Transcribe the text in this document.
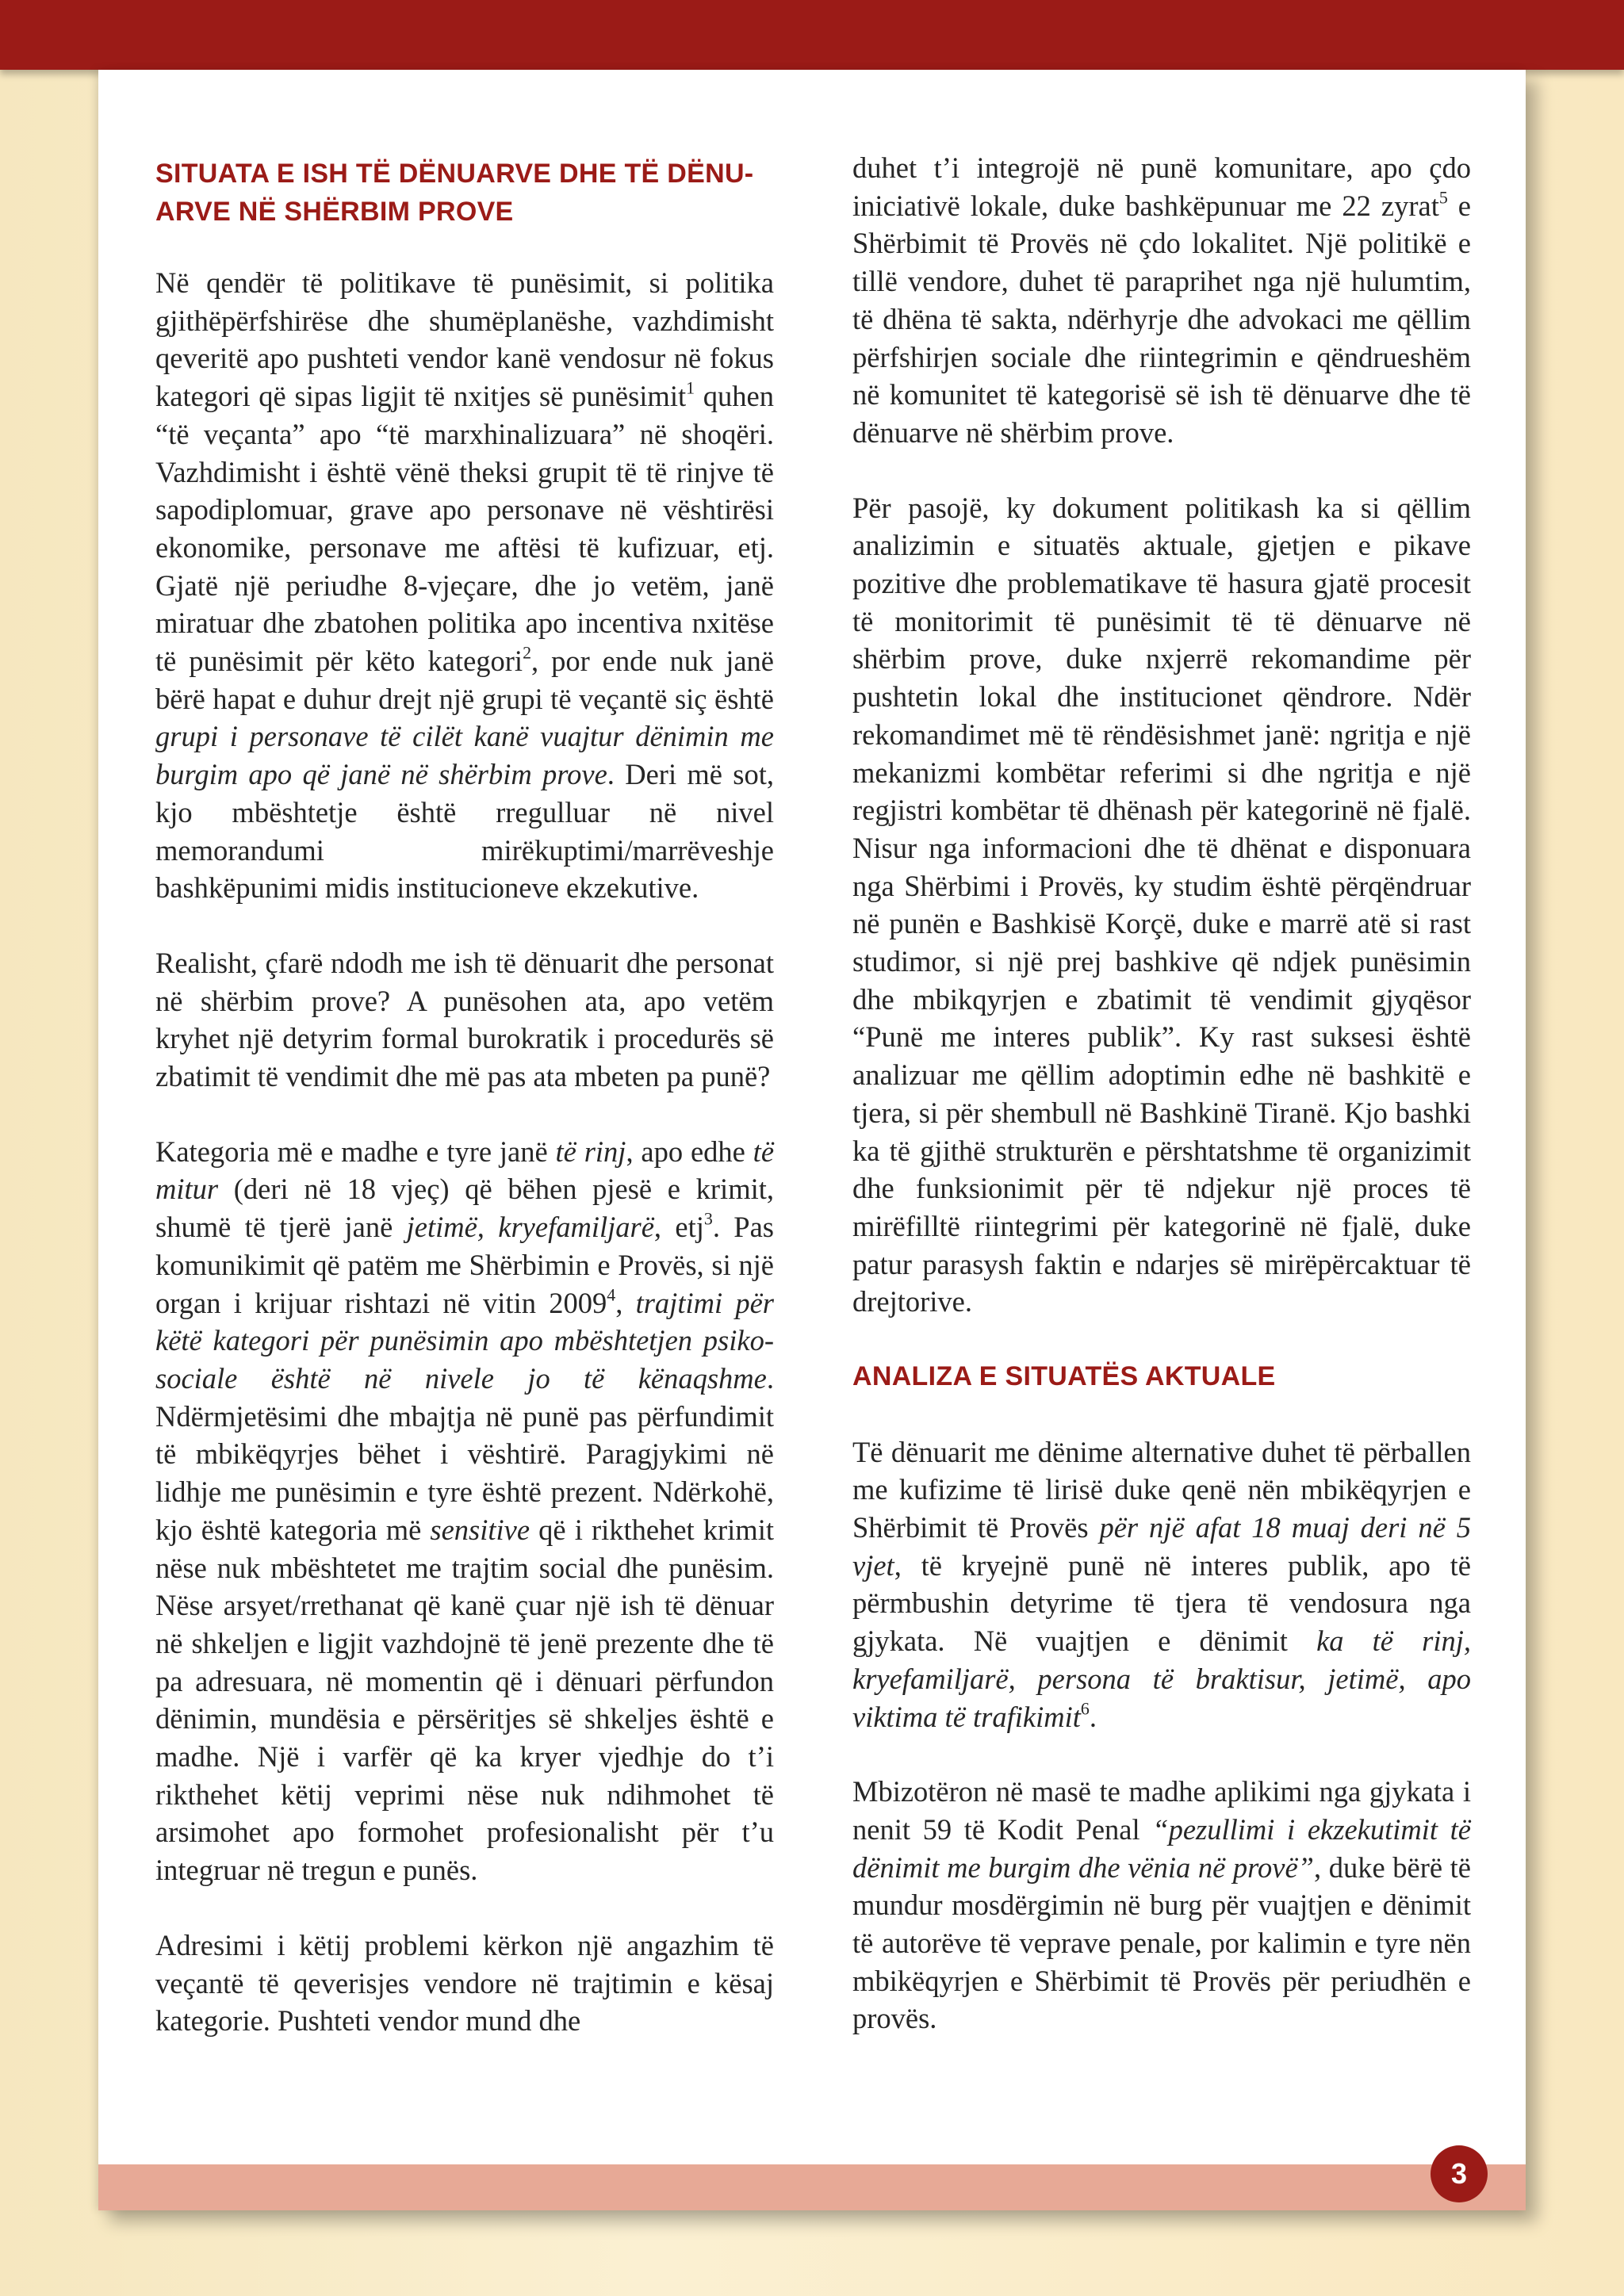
SITUATA E ISH TË DËNUARVE DHE TË DËNU-ARVE NË SHËRBIM PROVE

Në qendër të politikave të punësimit, si politika gjithëpërfshirëse dhe shumëplanëshe, vazhdimisht qeveritë apo pushteti vendor kanë vendosur në fokus kategori që sipas ligjit të nxitjes së punësimit$^1$ quhen “të veçanta” apo “të marxhinalizuara” në shoqëri. Vazhdimisht i është vënë theksi grupit të të rinjve të sapodiplomuar, grave apo personave në vështirësi ekonomike, personave me aftësi të kufizuar, etj. Gjatë një periudhe 8-vjeçare, dhe jo vetëm, janë miratuar dhe zbatohen politika apo incentiva nxitëse të punësimit për këto kategori$^2$, por ende nuk janë bërë hapat e duhur drejt një grupi të veçantë siç është grupi i personave të cilët kanë vuajtur dënimin me burgim apo që janë në shërbim prove. Deri më sot, kjo mbështetje është rregulluar në nivel memorandumi mirëkuptimi/marrëveshje bashkëpunimi midis institucioneve ekzekutive.

Realisht, çfarë ndodh me ish të dënuarit dhe personat në shërbim prove? A punësohen ata, apo vetëm kryhet një detyrim formal burokratik i procedurës së zbatimit të vendimit dhe më pas ata mbeten pa punë?

Kategoria më e madhe e tyre janë të rinj, apo edhe të mitur (deri në 18 vjeç) që bëhen pjesë e krimit, shumë të tjerë janë jetimë, kryefamiljarë, etj$^3$. Pas komunikimit që patëm me Shërbimin e Provës, si një organ i krijuar rishtazi në vitin 2009$^4$, trajtimi për këtë kategori për punësimin apo mbështetjen psiko-sociale është në nivele jo të kënaqshme. Ndërmjetësimi dhe mbajtja në punë pas përfundimit të mbikëqyrjes bëhet i vështirë. Paragjykimi në lidhje me punësimin e tyre është prezent. Ndërkohë, kjo është kategoria më sensitive që i rikthehet krimit nëse nuk mbështetet me trajtim social dhe punësim. Nëse arsyet/rrethanat që kanë çuar një ish të dënuar në shkeljen e ligjit vazhdojnë të jenë prezente dhe të pa adresuara, në momentin që i dënuari përfundon dënimin, mundësia e përsëritjes së shkeljes është e madhe. Një i varfër që ka kryer vjedhje do t’i rikthehet këtij veprimi nëse nuk ndihmohet të arsimohet apo formohet profesionalisht për t’u integruar në tregun e punës.

Adresimi i këtij problemi kërkon një angazhim të veçantë të qeverisjes vendore në trajtimin e kësaj kategorie. Pushteti vendor mund dhe

duhet t’i integrojë në punë komunitare, apo çdo iniciativë lokale, duke bashkëpunuar me 22 zyrat$^5$ e Shërbimit të Provës në çdo lokalitet. Një politikë e tillë vendore, duhet të paraprihet nga një hulumtim, të dhëna të sakta, ndërhyrje dhe advokaci me qëllim përfshirjen sociale dhe riintegrimin e qëndrueshëm në komunitet të kategorisë së ish të dënuarve dhe të dënuarve në shërbim prove.

Për pasojë, ky dokument politikash ka si qëllim analizimin e situatës aktuale, gjetjen e pikave pozitive dhe problematikave të hasura gjatë procesit të monitorimit të punësimit të të dënuarve në shërbim prove, duke nxjerrë rekomandime për pushtetin lokal dhe institucionet qëndrore. Ndër rekomandimet më të rëndësishmet janë: ngritja e një mekanizmi kombëtar referimi si dhe ngritja e një regjistri kombëtar të dhënash për kategorinë në fjalë. Nisur nga informacioni dhe të dhënat e disponuara nga Shërbimi i Provës, ky studim është përqëndruar në punën e Bashkisë Korçë, duke e marrë atë si rast studimor, si një prej bashkive që ndjek punësimin dhe mbikqyrjen e zbatimit të vendimit gjyqësor “Punë me interes publik”. Ky rast suksesi është analizuar me qëllim adoptimin edhe në bashkitë e tjera, si për shembull në Bashkinë Tiranë. Kjo bashki ka të gjithë strukturën e përshtatshme të organizimit dhe funksionimit për të ndjekur një proces të mirëfilltë riintegrimi për kategorinë në fjalë, duke patur parasysh faktin e ndarjes së mirëpërcaktuar të drejtorive.

ANALIZA E SITUATËS AKTUALE

Të dënuarit me dënime alternative duhet të përballen me kufizime të lirisë duke qenë nën mbikëqyrjen e Shërbimit të Provës për një afat 18 muaj deri në 5 vjet, të kryejnë punë në interes publik, apo të përmbushin detyrime të tjera të vendosura nga gjykata. Në vuajtjen e dënimit ka të rinj, kryefamiljarë, persona të braktisur, jetimë, apo viktima të trafikimit$^6$.

Mbizotëron në masë te madhe aplikimi nga gjykata i nenit 59 të Kodit Penal “pezullimi i ekzekutimit të dënimit me burgim dhe vënia në provë”, duke bërë të mundur mosdërgimin në burg për vuajtjen e dënimit të autorëve të veprave penale, por kalimin e tyre nën mbikëqyrjen e Shërbimit të Provës për periudhën e provës.

3
